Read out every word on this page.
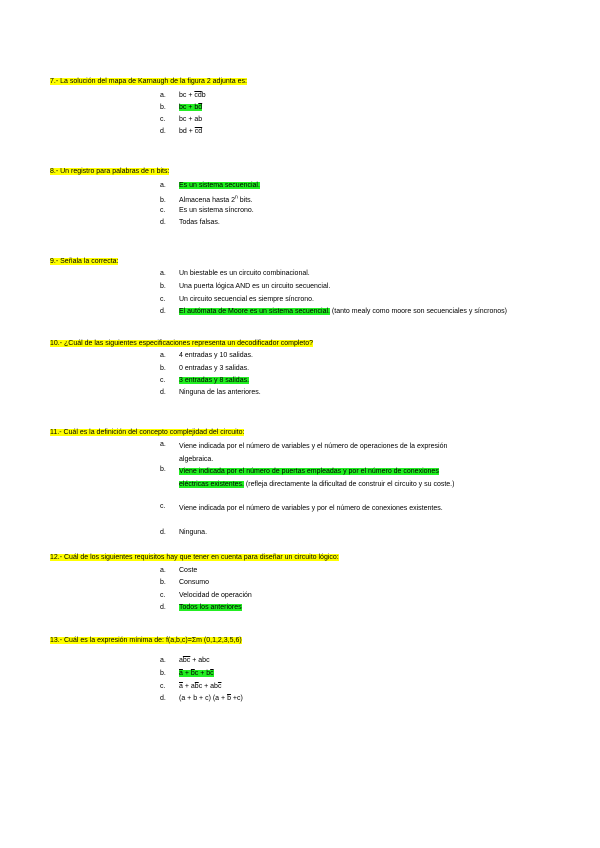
7.- La solución del mapa de Karnaugh de la figura 2 adjunta es:
a. bc + $\overline{cd}b$
b. bc + $b\overline{d}$
c. bc + ab
d. bd + $\overline{cd}$
8.- Un registro para palabras de n bits:
a. Es un sistema secuencial.
b. Almacena hasta 2$^n$ bits.
c. Es un sistema síncrono.
d. Todas falsas.
9.- Señala la correcta:
a. Un biestable es un circuito combinacional.
b. Una puerta lógica AND es un circuito secuencial.
c. Un circuito secuencial es siempre síncrono.
d. El autómata de Moore es un sistema secuencial. (tanto mealy como moore son secuenciales y síncronos)
10.- ¿Cuál de las siguientes especificaciones representa un decodificador completo?
a. 4 entradas y 10 salidas.
b. 0 entradas y 3 salidas.
c. 3 entradas y 8 salidas.
d. Ninguna de las anteriores.
11.- Cuál es la definición del concepto complejidad del circuito:
a. Viene indicada por el número de variables y el número de operaciones de la expresión algebraica.
b. Viene indicada por el número de puertas empleadas y por el número de conexiones eléctricas existentes. (refleja directamente la dificultad de construir el circuito y su coste.)
c. Viene indicada por el número de variables y por el número de conexiones existentes.
d. Ninguna.
12.- Cuál de los siguientes requisitos hay que tener en cuenta para diseñar un circuito lógico:
a. Coste
b. Consumo
c. Velocidad de operación
d. Todos los anteriores
13.- Cuál es la expresión mínima de: f(a,b,c)=Σm (0,1,2,3,5,6)
a. $a\overline{bc}$ + abc
b. $\overline{a} + \overline{b}c + b\overline{c}$
c. $\overline{a} + a\overline{b}c + ab\overline{c}$
d. (a + b + c) $(a + \overline{b} +c)$
